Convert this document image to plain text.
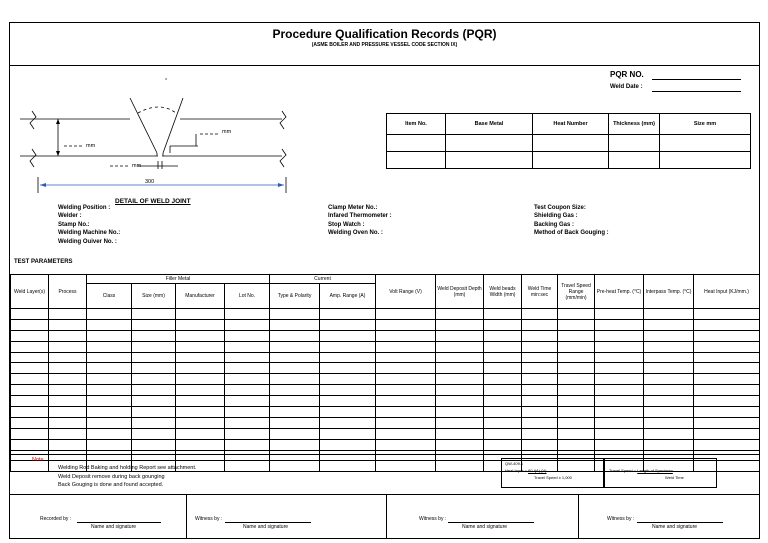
Procedure Qualification Records (PQR)
(ASME BOILER AND PRESSURE VESSEL CODE SECTION IX)
PQR NO.
Weld Date :
°
mm
mm
mm
300
DETAIL OF WELD JOINT
Item No.	Base Metal	Heat Number	Thickness (mm)	Size mm

Welding Position :
Welder :
Stamp No.:
Welding Machine No.:
Welding Ouiver No. :
Clamp Meter No.:
Infared Thermometer :
Stop Watch :
Welding Oven No. :
Test Coupon Size:
Shielding Gas :
Backing Gas :
Method of Back Gouging :
TEST PARAMETERS
Weld Layer(s)	Process	Filler Metal				Current		Volt Range (V)	Weld Deposit Depth (mm)	Weld beads Width (mm)	Weld Time min:sec	Travel Speed Range (mm/min)	Pre-heat Temp. (°C)	Interpass Temp. (°C)	Heat Input (KJ/mm.)
		Class	Size (mm)	Manufacturer	Lot No.	Type & Polarity	Amp. Range (A)								

Note
Welding Rod Baking and holding Report see attachment.
Weld Deposit remove during back gounging
Back Gouging is done and found accepted.
QW-409.1
Heat Input = 60 I(A) (V)
Travel Speed x 1,000
Travel Speed = Length of Specimen
Weld Time
Recorded by :
Name and signature
Witness by :
Name and signature
Witness by :
Name and signature
Witness by :
Name and signature
